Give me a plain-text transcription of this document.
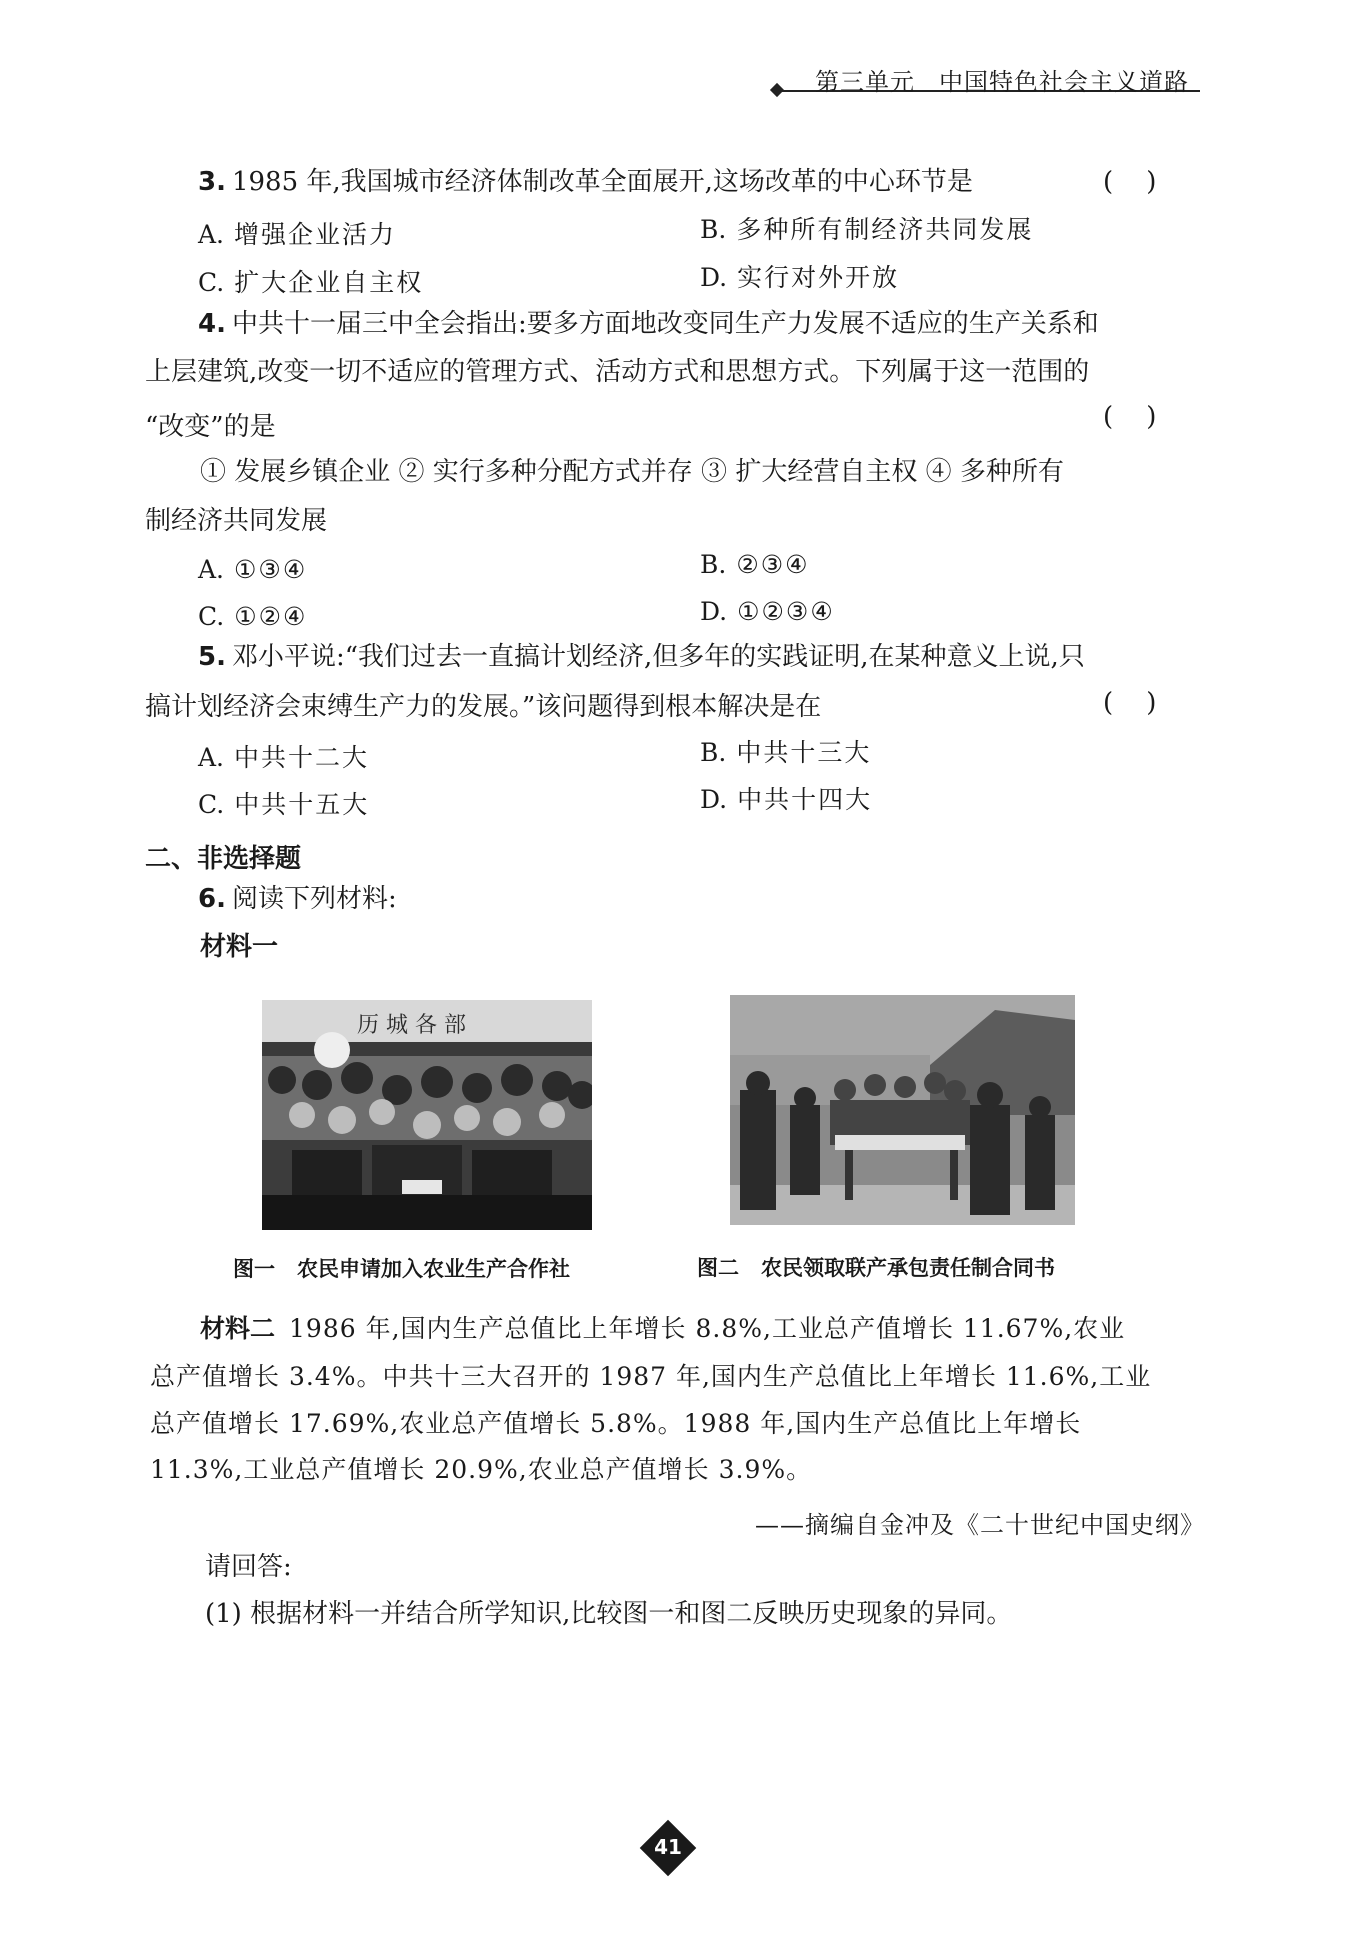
第三单元 中国特色社会主义道路
3. 1985 年,我国城市经济体制改革全面展开,这场改革的中心环节是	(    )
A. 增强企业活力	B. 多种所有制经济共同发展
C. 扩大企业自主权	D. 实行对外开放
4. 中共十一届三中全会指出:要多方面地改变同生产力发展不适应的生产关系和
上层建筑,改变一切不适应的管理方式、活动方式和思想方式。下列属于这一范围的
“改变”的是	(    )
① 发展乡镇企业 ② 实行多种分配方式并存 ③ 扩大经营自主权 ④ 多种所有
制经济共同发展
A. ①③④	B. ②③④
C. ①②④	D. ①②③④
5. 邓小平说:“我们过去一直搞计划经济,但多年的实践证明,在某种意义上说,只
搞计划经济会束缚生产力的发展。”该问题得到根本解决是在	(    )
A. 中共十二大	B. 中共十三大
C. 中共十五大	D. 中共十四大
二、非选择题
6. 阅读下列材料:
材料一
历 城 各 部
图一 农民申请加入农业生产合作社	图二 农民领取联产承包责任制合同书
材料二 1986 年,国内生产总值比上年增长 8.8%,工业总产值增长 11.67%,农业
总产值增长 3.4%。中共十三大召开的 1987 年,国内生产总值比上年增长 11.6%,工业
总产值增长 17.69%,农业总产值增长 5.8%。1988 年,国内生产总值比上年增长
11.3%,工业总产值增长 20.9%,农业总产值增长 3.9%。
——摘编自金冲及《二十世纪中国史纲》
请回答:
(1) 根据材料一并结合所学知识,比较图一和图二反映历史现象的异同。
41
